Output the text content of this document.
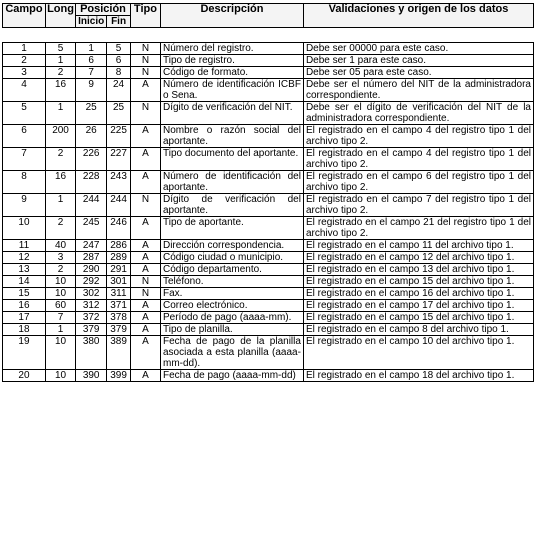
Campo	Long	Posición		Tipo	Descripción	Validaciones y origen de los datos
		Inicio	Fin			
1	5	1	5	N	Número del registro.	Debe ser 00000 para este caso.
2	1	6	6	N	Tipo de registro.	Debe ser 1 para este caso.
3	2	7	8	N	Código de formato.	Debe ser 05 para este caso.
4	16	9	24	A	Número de identificación ICBF o Sena.	Debe ser el número del NIT de la administradora correspondiente.
5	1	25	25	N	Dígito de verificación del NIT.	Debe ser el dígito de verificación del NIT de la administradora correspondiente.
6	200	26	225	A	Nombre o razón social del aportante.	El registrado en el campo 4 del registro tipo 1 del archivo tipo 2.
7	2	226	227	A	Tipo documento del aportante.	El registrado en el campo 4 del registro tipo 1 del archivo tipo 2.
8	16	228	243	A	Número de identificación del aportante.	El registrado en el campo 6 del registro tipo 1 del archivo tipo 2.
9	1	244	244	N	Dígito de verificación del aportante.	El registrado en el campo 7 del registro tipo 1 del archivo tipo 2.
10	2	245	246	A	Tipo de aportante.	El registrado en el campo 21 del registro tipo 1 del archivo tipo 2.
11	40	247	286	A	Dirección correspondencia.	El registrado en el campo 11 del archivo tipo 1.
12	3	287	289	A	Código ciudad o municipio.	El registrado en el campo 12 del archivo tipo 1.
13	2	290	291	A	Código departamento.	El registrado en el campo 13 del archivo tipo 1.
14	10	292	301	N	Teléfono.	El registrado en el campo 15 del archivo tipo 1.
15	10	302	311	N	Fax.	El registrado en el campo 16 del archivo tipo 1.
16	60	312	371	A	Correo electrónico.	El registrado en el campo 17 del archivo tipo 1.
17	7	372	378	A	Período de pago (aaaa-mm).	El registrado en el campo 15 del archivo tipo 1.
18	1	379	379	A	Tipo de planilla.	El registrado en el campo 8 del archivo tipo 1.
19	10	380	389	A	Fecha de pago de la planilla asociada a esta planilla (aaaa-mm-dd).	El registrado en el campo 10 del archivo tipo 1.
20	10	390	399	A	Fecha de pago (aaaa-mm-dd)	El registrado en el campo 18 del archivo tipo 1.
